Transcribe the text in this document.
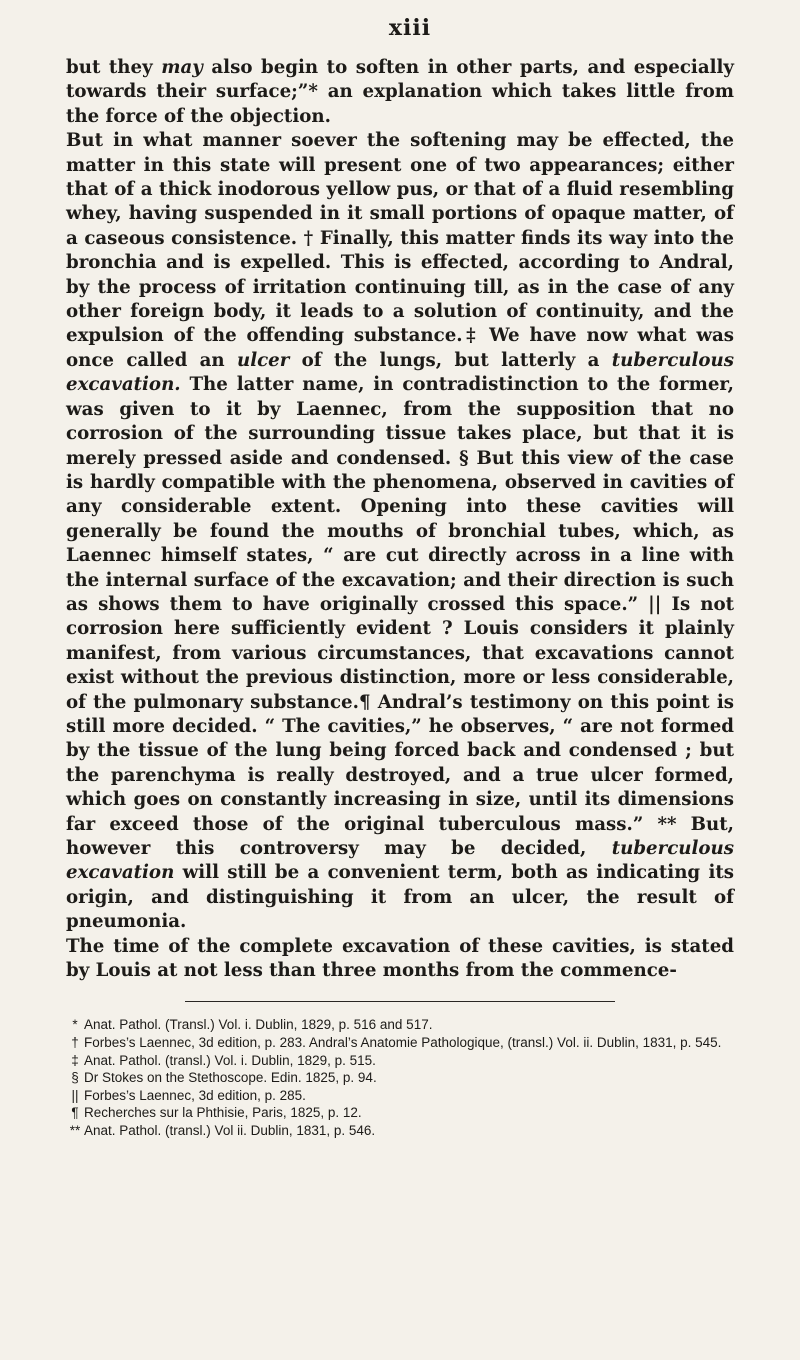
xiii

but they may also begin to soften in other parts, and especially towards their surface;”* an explanation which takes little from the force of the objection.

But in what manner soever the softening may be effected, the matter in this state will present one of two appearances; either that of a thick inodorous yellow pus, or that of a fluid resembling whey, having suspended in it small portions of opaque matter, of a caseous consistence. † Finally, this matter finds its way into the bronchia and is expelled. This is effected, according to Andral, by the process of irritation continuing till, as in the case of any other foreign body, it leads to a solution of continuity, and the expulsion of the offending substance.‡ We have now what was once called an ulcer of the lungs, but latterly a tuberculous excavation. The latter name, in contradistinction to the former, was given to it by Laennec, from the supposition that no corrosion of the surrounding tissue takes place, but that it is merely pressed aside and condensed. § But this view of the case is hardly compatible with the phenomena, observed in cavities of any considerable extent. Opening into these cavities will generally be found the mouths of bronchial tubes, which, as Laennec himself states, “ are cut directly across in a line with the internal surface of the excavation; and their direction is such as shows them to have originally crossed this space.” || Is not corrosion here sufficiently evident ? Louis considers it plainly manifest, from various circumstances, that excavations cannot exist without the previous distinction, more or less considerable, of the pulmonary substance.¶ Andral’s testimony on this point is still more decided. “ The cavities,” he observes, “ are not formed by the tissue of the lung being forced back and condensed ; but the parenchyma is really destroyed, and a true ulcer formed, which goes on constantly increasing in size, until its dimensions far exceed those of the original tuberculous mass.” ** But, however this controversy may be decided, tuberculous excavation will still be a convenient term, both as indicating its origin, and distinguishing it from an ulcer, the result of pneumonia.

The time of the complete excavation of these cavities, is stated by Louis at not less than three months from the commence-

* Anat. Pathol. (Transl.) Vol. i. Dublin, 1829, p. 516 and 517.
† Forbes’s Laennec, 3d edition, p. 283. Andral’s Anatomie Pathologique, (transl.) Vol. ii. Dublin, 1831, p. 545.
‡ Anat. Pathol. (transl.) Vol. i. Dublin, 1829, p. 515.
§ Dr Stokes on the Stethoscope. Edin. 1825, p. 94.
|| Forbes’s Laennec, 3d edition, p. 285.
¶ Recherches sur la Phthisie, Paris, 1825, p. 12.
** Anat. Pathol. (transl.) Vol ii. Dublin, 1831, p. 546.
